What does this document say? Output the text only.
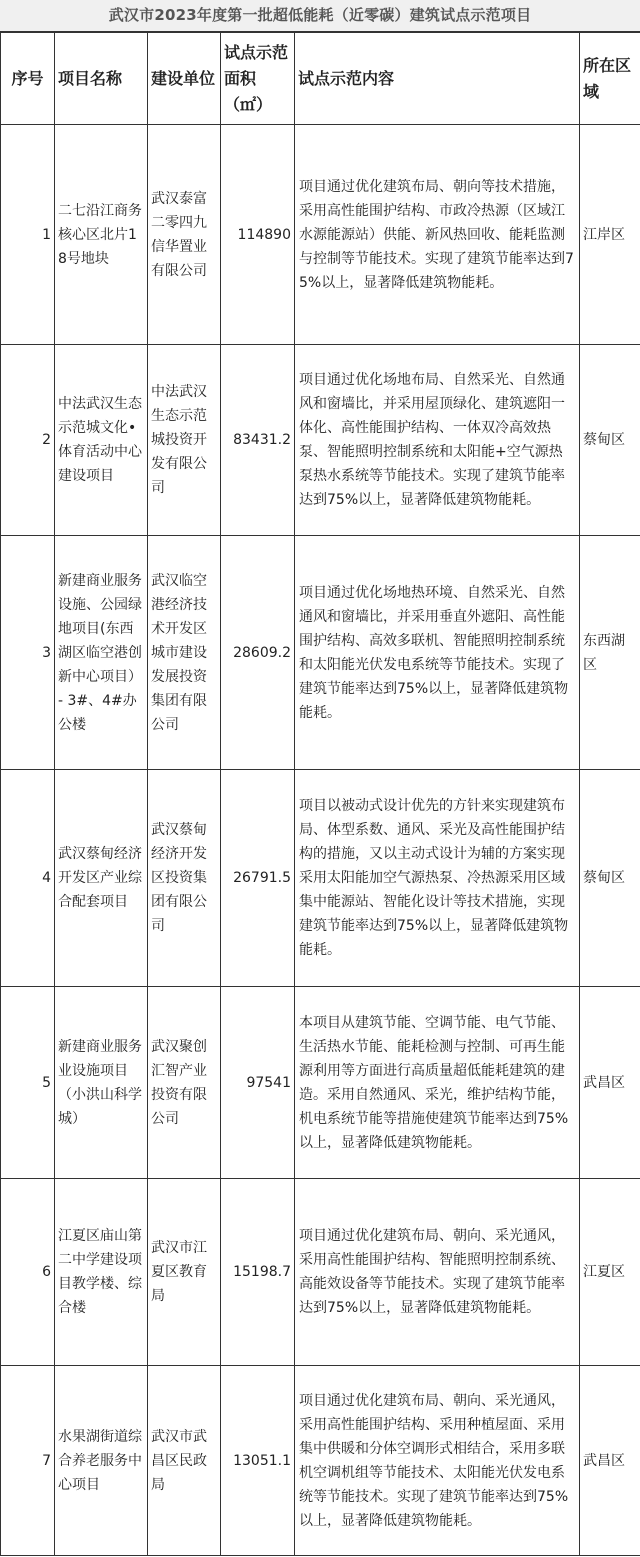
武汉市2023年度第一批超低能耗（近零碳）建筑试点示范项目
序号	项目名称	建设单位	试点示范面积（㎡）	试点示范内容	所在区域
1	二七沿江商务核心区北片18号地块	武汉泰富二零四九信华置业有限公司	114890	项目通过优化建筑布局、朝向等技术措施，采用高性能围护结构、市政冷热源（区域江水源能源站）供能、新风热回收、能耗监测与控制等节能技术。实现了建筑节能率达到75%以上，显著降低建筑物能耗。	江岸区
2	中法武汉生态示范城文化•体育活动中心建设项目	中法武汉生态示范城投资开发有限公司	83431.2	项目通过优化场地布局、自然采光、自然通风和窗墙比，并采用屋顶绿化、建筑遮阳一体化、高性能围护结构、一体双冷高效热泵、智能照明控制系统和太阳能+空气源热泵热水系统等节能技术。实现了建筑节能率达到75%以上，显著降低建筑物能耗。	蔡甸区
3	新建商业服务设施、公园绿地项目(东西湖区临空港创新中心项目）- 3#、4#办公楼	武汉临空港经济技术开发区城市建设发展投资集团有限公司	28609.2	项目通过优化场地热环境、自然采光、自然通风和窗墙比，并采用垂直外遮阳、高性能围护结构、高效多联机、智能照明控制系统和太阳能光伏发电系统等节能技术。实现了建筑节能率达到75%以上，显著降低建筑物能耗。	东西湖区
4	武汉蔡甸经济开发区产业综合配套项目	武汉蔡甸经济开发区投资集团有限公司	26791.5	项目以被动式设计优先的方针来实现建筑布局、体型系数、通风、采光及高性能围护结构的措施，又以主动式设计为辅的方案实现采用太阳能加空气源热泵、冷热源采用区域集中能源站、智能化设计等技术措施，实现建筑节能率达到75%以上，显著降低建筑物能耗。	蔡甸区
5	新建商业服务业设施项目（小洪山科学城）	武汉聚创汇智产业投资有限公司	97541	本项目从建筑节能、空调节能、电气节能、生活热水节能、能耗检测与控制、可再生能源利用等方面进行高质量超低能耗建筑的建造。采用自然通风、采光，维护结构节能，机电系统节能等措施使建筑节能率达到75%以上，显著降低建筑物能耗。	武昌区
6	江夏区庙山第二中学建设项目教学楼、综合楼	武汉市江夏区教育局	15198.7	项目通过优化建筑布局、朝向、采光通风，采用高性能围护结构、智能照明控制系统、高能效设备等节能技术。实现了建筑节能率达到75%以上，显著降低建筑物能耗。	江夏区
7	水果湖街道综合养老服务中心项目	武汉市武昌区民政局	13051.1	项目通过优化建筑布局、朝向、采光通风，采用高性能围护结构、采用种植屋面、采用集中供暖和分体空调形式相结合，采用多联机空调机组等节能技术、太阳能光伏发电系统等节能技术。实现了建筑节能率达到75%以上，显著降低建筑物能耗。	武昌区
